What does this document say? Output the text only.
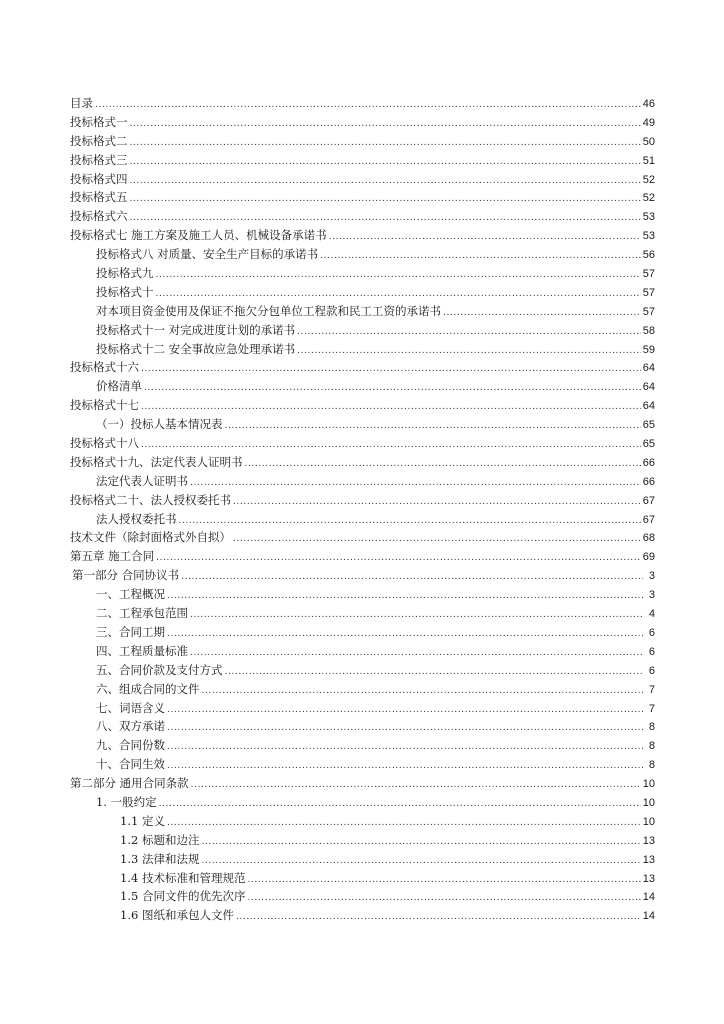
目录 .....	46
投标格式一 .....	49
投标格式二 .....	50
投标格式三 .....	51
投标格式四 .....	52
投标格式五 .....	52
投标格式六 .....	53
投标格式七 施工方案及施工人员、机械设备承诺书 .....	53
投标格式八 对质量、安全生产目标的承诺书 .....	56
投标格式九 .....	57
投标格式十 .....	57
对本项目资金使用及保证不拖欠分包单位工程款和民工工资的承诺书 .....	57
投标格式十一 对完成进度计划的承诺书 .....	58
投标格式十二 安全事故应急处理承诺书 .....	59
投标格式十六 .....	64
价格清单 .....	64
投标格式十七 .....	64
（一）投标人基本情况表 .....	65
投标格式十八 .....	65
投标格式十九、法定代表人证明书 .....	66
法定代表人证明书 .....	66
投标格式二十、法人授权委托书 .....	67
法人授权委托书 .....	67
技术文件（除封面格式外自拟） .....	68
第五章 施工合同 .....	69
第一部分 合同协议书 .....	3
一、工程概况 .....	3
二、工程承包范围 .....	4
三、合同工期 .....	6
四、工程质量标准 .....	6
五、合同价款及支付方式 .....	6
六、组成合同的文件 .....	7
七、词语含义 .....	7
八、双方承诺 .....	8
九、合同份数 .....	8
十、合同生效 .....	8
第二部分 通用合同条款 .....	10
1. 一般约定 .....	10
1.1 定义 .....	10
1.2 标题和边注 .....	13
1.3 法律和法规 .....	13
1.4 技术标准和管理规范 .....	13
1.5 合同文件的优先次序 .....	14
1.6 图纸和承包人文件 .....	14
